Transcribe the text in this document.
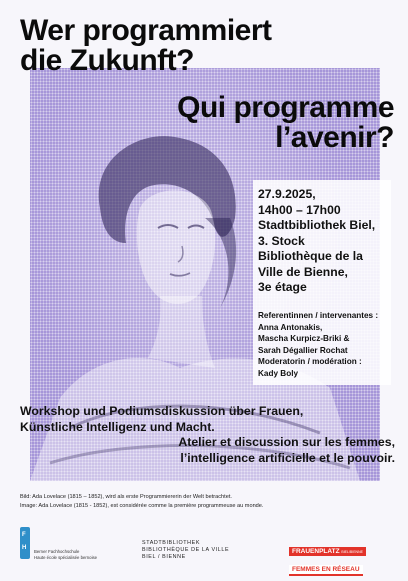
Wer programmiert
die Zukunft?
Qui programme
l’avenir?
27.9.2025,
14h00 – 17h00
Stadtbibliothek Biel,
3. Stock
Bibliothèque de la
Ville de Bienne,
3e étage
Referentinnen / intervenantes :
Anna Antonakis,
Mascha Kurpicz-Briki &
Sarah Dégallier Rochat
Moderatorin / modération :
Kady Boly
Workshop und Podiumsdiskussion über Frauen,
Künstliche Intelligenz und Macht.
Atelier et discussion sur les femmes,
l’intelligence artificielle et le pouvoir.
Bild: Ada Lovelace (1815 – 1852), wird als erste Programmiererin der Welt betrachtet.
Image: Ada Lovelace (1815 - 1852), est considérée comme la première programmeuse au monde.
F
H
Berner Fachhochschule
Haute école spécialisée bernoise
STADTBIBLIOTHEK
BIBLIOTHÈQUE DE LA VILLE
BIEL / BIENNE
FRAUENPLATZ BIEL/BIENNE
FEMMES EN RÉSEAU
